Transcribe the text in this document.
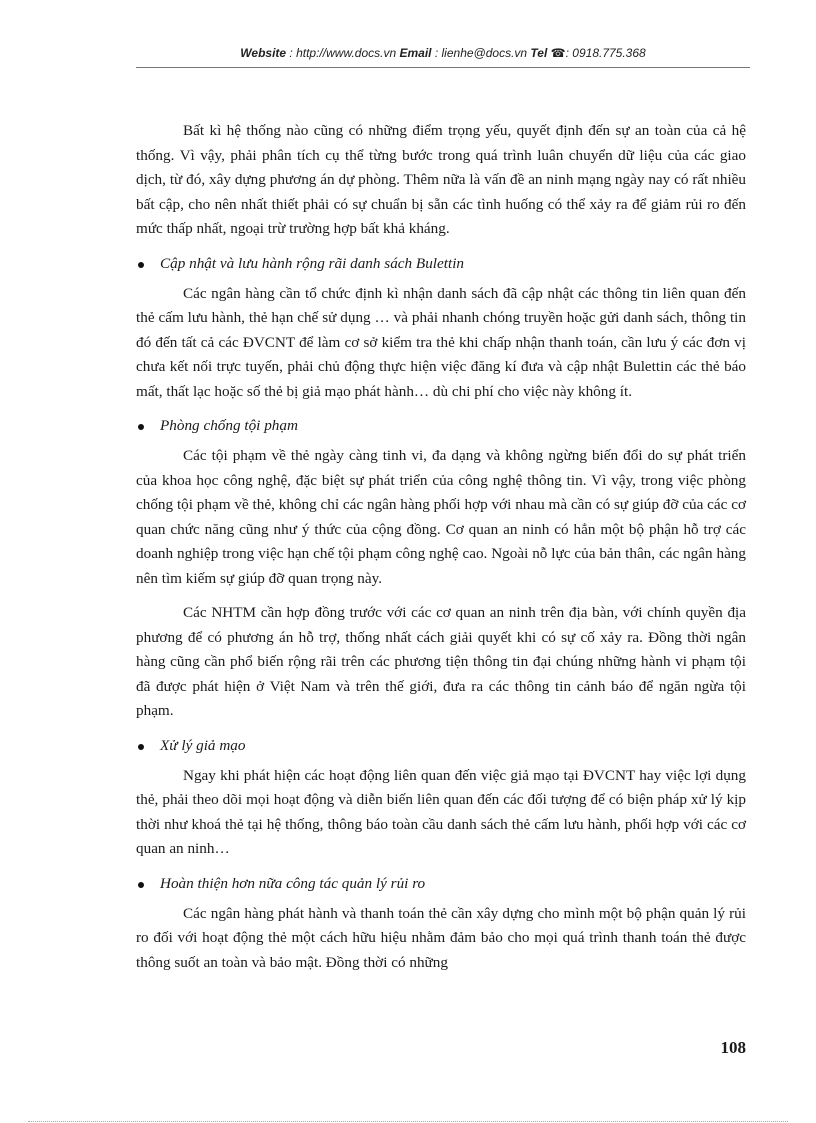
Website : http://www.docs.vn Email : lienhe@docs.vn Tel ☎: 0918.775.368

Bất kì hệ thống nào cũng có những điểm trọng yếu, quyết định đến sự an toàn của cả hệ thống. Vì vậy, phải phân tích cụ thể từng bước trong quá trình luân chuyển dữ liệu của các giao dịch, từ đó, xây dựng phương án dự phòng. Thêm nữa là vấn đề an ninh mạng ngày nay có rất nhiều bất cập, cho nên nhất thiết phải có sự chuẩn bị sẵn các tình huống có thể xảy ra để giảm rủi ro đến mức thấp nhất, ngoại trừ trường hợp bất khả kháng.

Cập nhật và lưu hành rộng rãi danh sách Bulettin

Các ngân hàng cần tổ chức định kì nhận danh sách đã cập nhật các thông tin liên quan đến thẻ cấm lưu hành, thẻ hạn chế sử dụng … và phải nhanh chóng truyền hoặc gửi danh sách, thông tin đó đến tất cả các ĐVCNT để làm cơ sở kiểm tra thẻ khi chấp nhận thanh toán, cần lưu ý các đơn vị chưa kết nối trực tuyến, phải chủ động thực hiện việc đăng kí đưa và cập nhật Bulettin các thẻ báo mất, thất lạc hoặc số thẻ bị giả mạo phát hành… dù chi phí cho việc này không ít.

Phòng chống tội phạm

Các tội phạm về thẻ ngày càng tinh vi, đa dạng và không ngừng biến đổi do sự phát triển của khoa học công nghệ, đặc biệt sự phát triển của công nghệ thông tin. Vì vậy, trong việc phòng chống tội phạm về thẻ, không chỉ các ngân hàng phối hợp với nhau mà cần có sự giúp đỡ của các cơ quan chức năng cũng như ý thức của cộng đồng. Cơ quan an ninh có hẳn một bộ phận hỗ trợ các doanh nghiệp trong việc hạn chế tội phạm công nghệ cao. Ngoài nỗ lực của bản thân, các ngân hàng nên tìm kiếm sự giúp đỡ quan trọng này.

Các NHTM cần hợp đồng trước với các cơ quan an ninh trên địa bàn, với chính quyền địa phương để có phương án hỗ trợ, thống nhất cách giải quyết khi có sự cố xảy ra. Đồng thời ngân hàng cũng cần phổ biến rộng rãi trên các phương tiện thông tin đại chúng những hành vi phạm tội đã được phát hiện ở Việt Nam và trên thế giới, đưa ra các thông tin cảnh báo để ngăn ngừa tội phạm.

Xử lý giả mạo

Ngay khi phát hiện các hoạt động liên quan đến việc giả mạo tại ĐVCNT hay việc lợi dụng thẻ, phải theo dõi mọi hoạt động và diễn biến liên quan đến các đối tượng để có biện pháp xử lý kịp thời như khoá thẻ tại hệ thống, thông báo toàn cầu danh sách thẻ cấm lưu hành, phối hợp với các cơ quan an ninh…

Hoàn thiện hơn nữa công tác quản lý rủi ro

Các ngân hàng phát hành và thanh toán thẻ cần xây dựng cho mình một bộ phận quản lý rủi ro đối với hoạt động thẻ một cách hữu hiệu nhằm đảm bảo cho mọi quá trình thanh toán thẻ được thông suốt an toàn và bảo mật. Đồng thời có những

108
